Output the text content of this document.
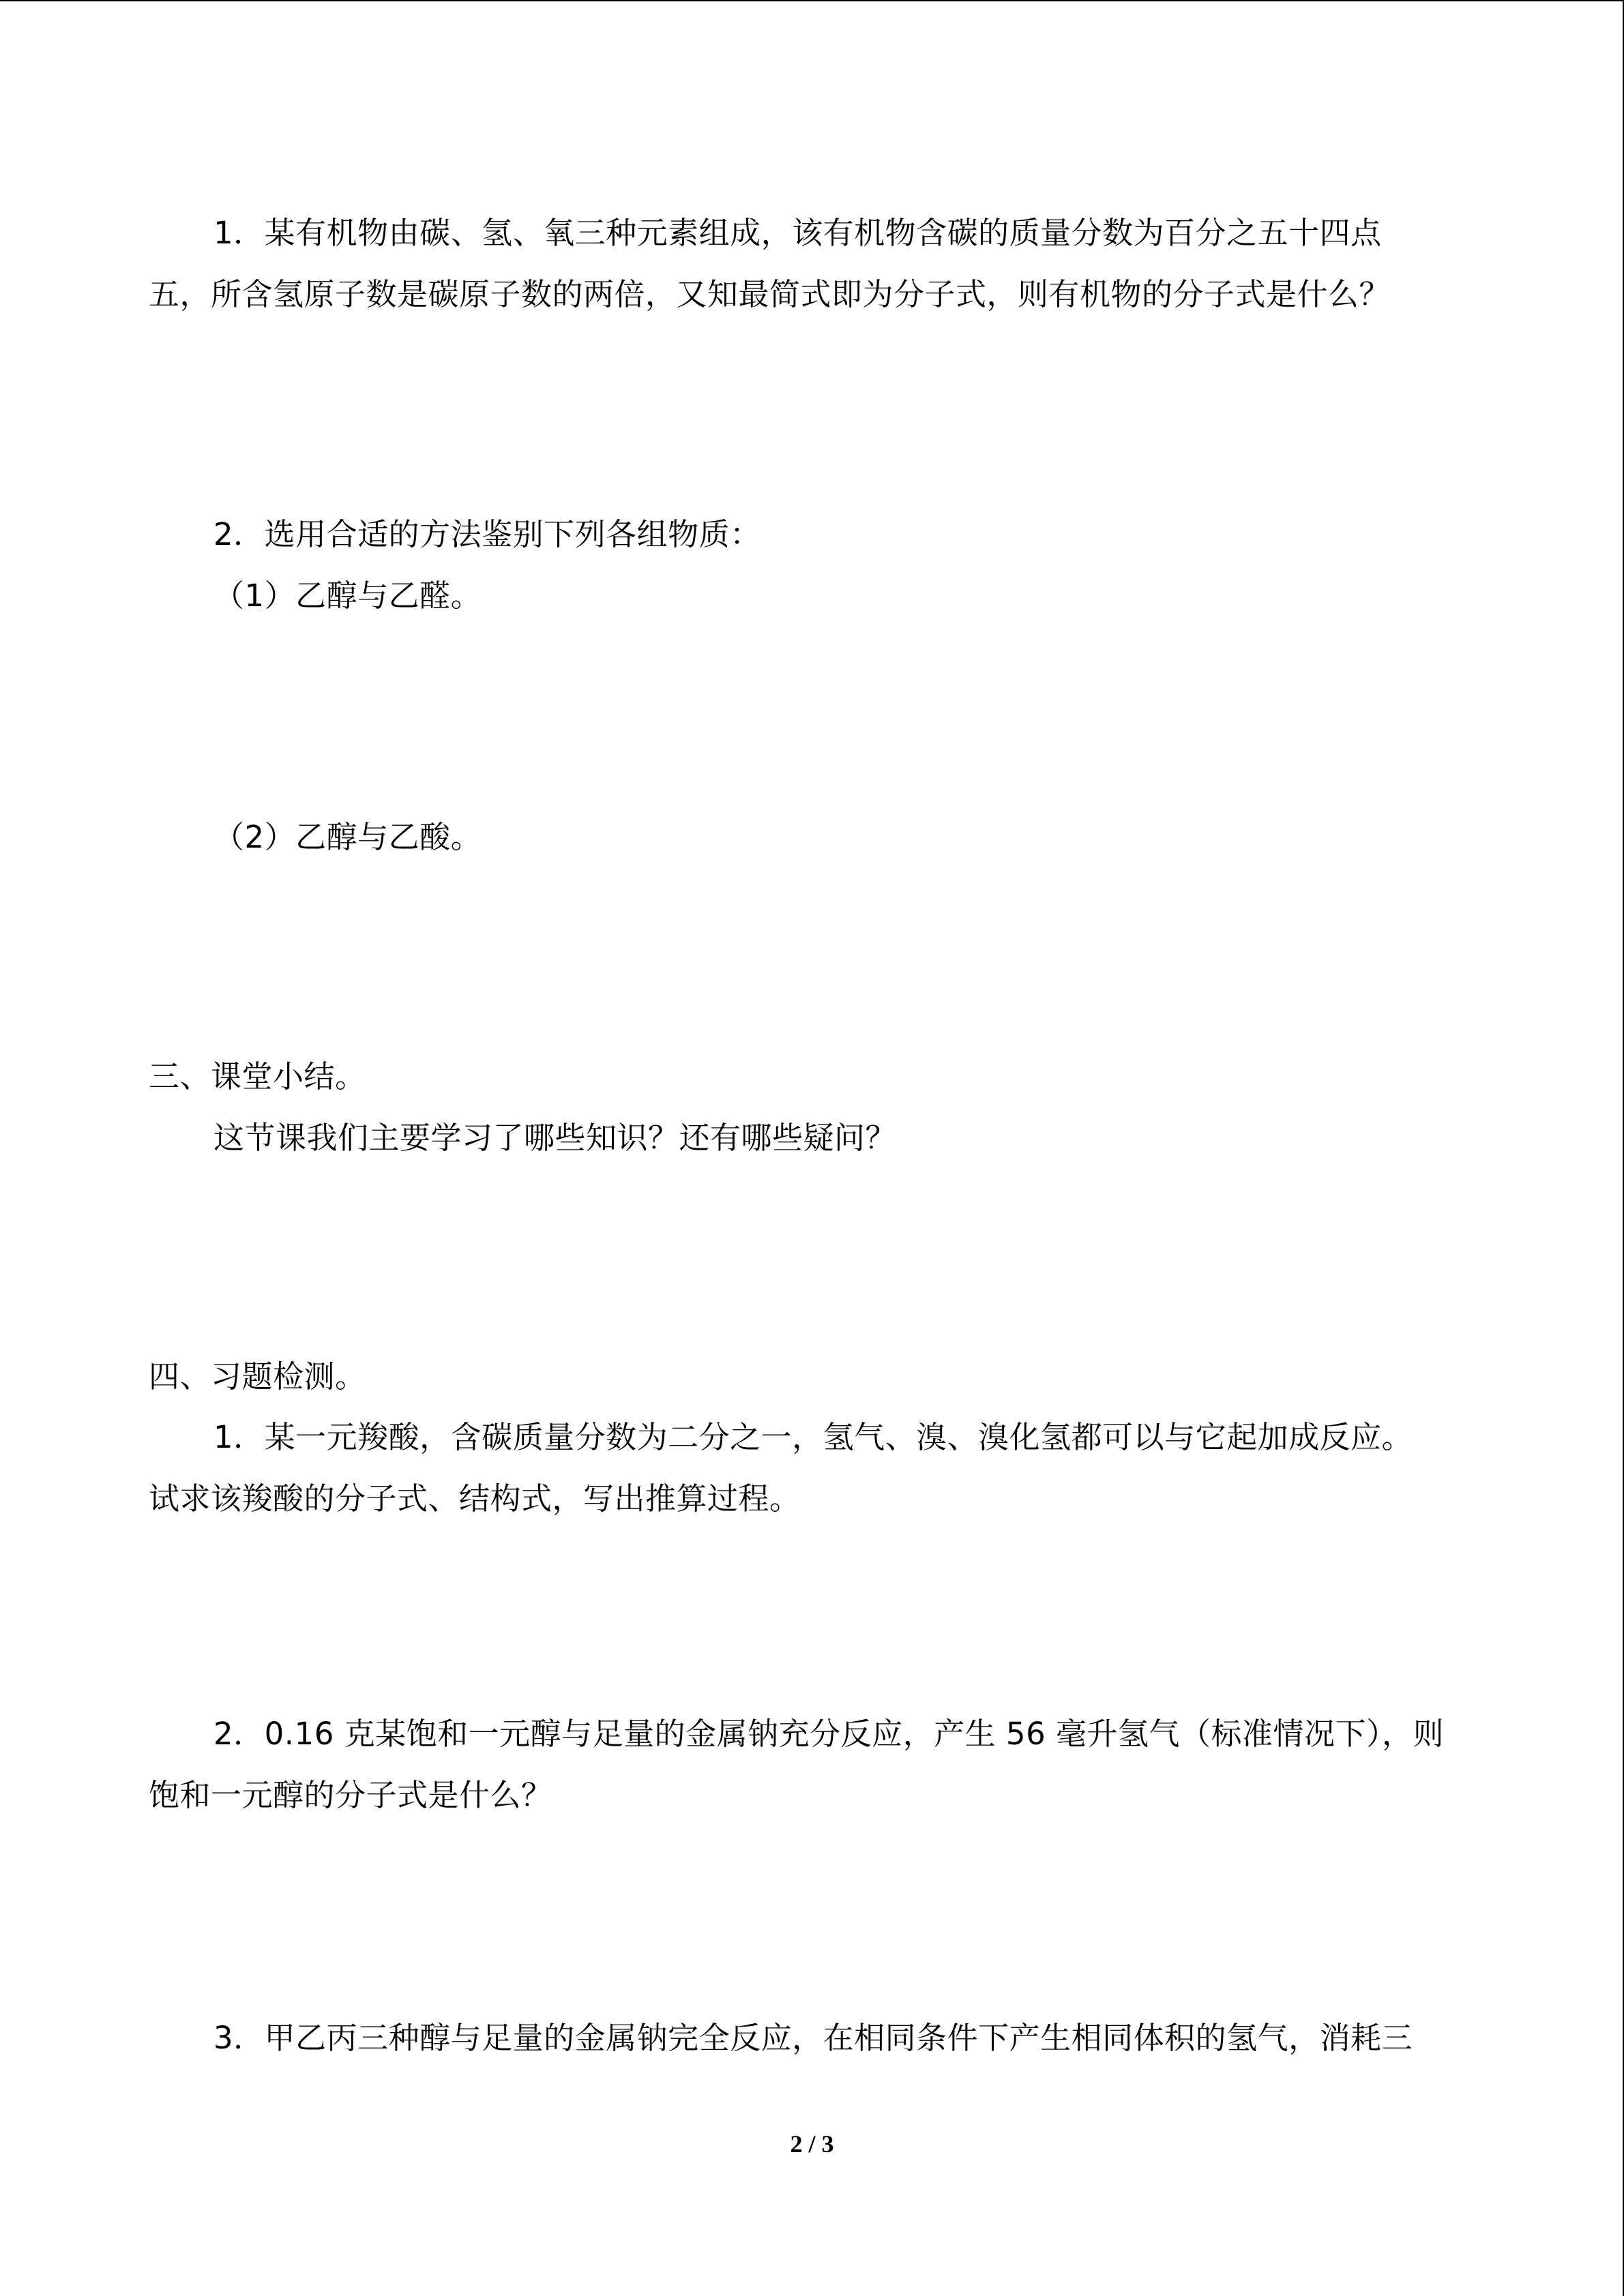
1．某有机物由碳、氢、氧三种元素组成，该有机物含碳的质量分数为百分之五十四点
五，所含氢原子数是碳原子数的两倍，又知最简式即为分子式，则有机物的分子式是什么？
2．选用合适的方法鉴别下列各组物质：
（1）乙醇与乙醛。
（2）乙醇与乙酸。
三、课堂小结。
这节课我们主要学习了哪些知识？还有哪些疑问？
四、习题检测。
1．某一元羧酸，含碳质量分数为二分之一，氢气、溴、溴化氢都可以与它起加成反应。
试求该羧酸的分子式、结构式，写出推算过程。
2．0.16 克某饱和一元醇与足量的金属钠充分反应，产生 56 毫升氢气（标准情况下），则
饱和一元醇的分子式是什么？
3．甲乙丙三种醇与足量的金属钠完全反应，在相同条件下产生相同体积的氢气，消耗三
2 / 3
